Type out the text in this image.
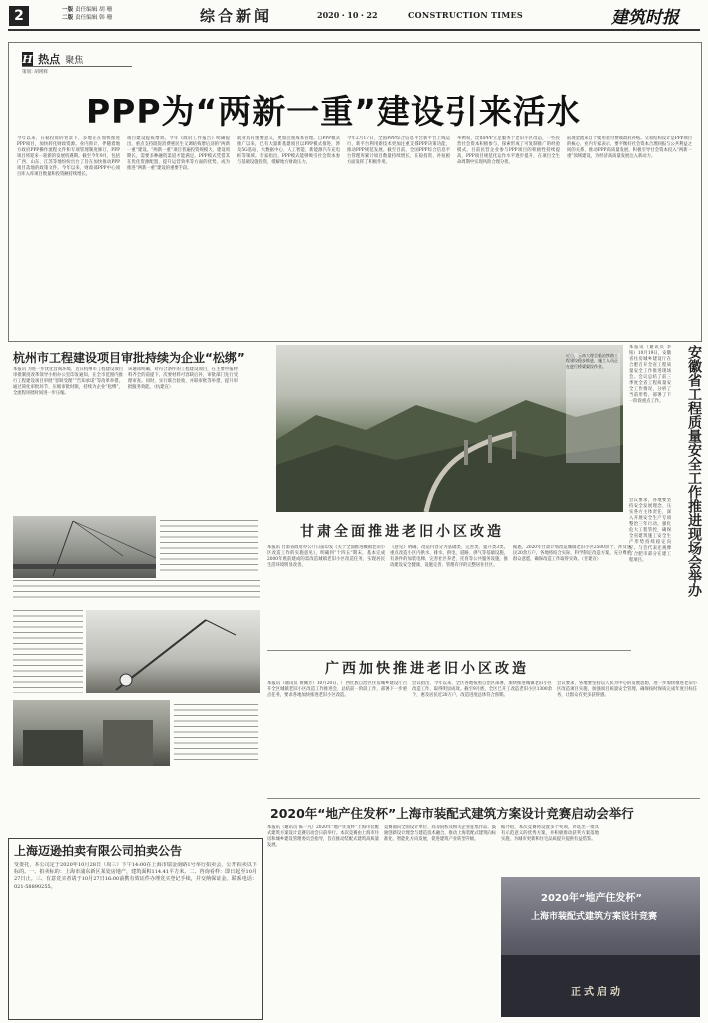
2	一版 责任编辑 胡 珊
二版 责任编辑 韩 珊	综合新闻	2020・10・22	CONSTRUCTION TIMES	建筑时报
H 热点 聚焦
策划: 胡瑛辉
PPP为“两新一重”建设引来活水
今年以来，在稳投资的背景下，多地正在加快推进PPP项目，加快转化财政资源。业内预计，伴随着地方政府PPP操作流程文件和专项管理制度修订，PPP项目将迎来一轮新的发展机遇期。截至今年9月，包括广西、山东、江苏等地纷纷出台了旨在加快推动PPP项目落地的政策文件。今年以来，财政部PPP中心项目库入库项目数量和投资额持续增长。
项目建设提质增效。今年《政府工作报告》明确提出，重点支持既促消费惠民生又调结构增后劲的“两新一重”建设。“两新一重”项目普遍投资规模大、建设周期长，需要多种融资渠道才能满足。PPP模式凭借其在优化资源配置、提升运营效率等方面的优势，成为推进“两新一重”建设的重要手段。
就业具有重要意义，更加注重成本管理。自PPP模式推广以来，已有大量新基建项目以PPP模式推进，涉及5G基站、大数据中心、人工智能、新能源汽车充电桩等领域。专家指出，PPP模式能够吸引社会资本参与基础设施投资，缓解地方财政压力。
今年2月17日，全国PPP综合信息平台新平台上线运行，新平台利用新技术更加注重支撑PPP决策功能，推动PPP规范发展。截至目前，全国PPP综合信息平台管理库累计项目数量持续增长，在稳投资、补短板方面发挥了积极作用。
举例说，比如PPP立足服务于老旧小区改造，一些民营社会资本积极参与，探索形成了可复制推广的经验模式。目前民营企业参与PPP项目的积极性持续提高，PPP项目规范化运作水平逐步提升，在项目全生命周期中实现风险合理分担。
前现金流来自于使用者付费或政府补贴。交易结构设计是PPP项目的核心，业内专家表示，要平衡好社会资本合理回报与公共利益之间的关系，推动PPP高质量发展，积极引导社会资本投入“两新一重”领域建设，为经济高质量发展注入新动力。
杭州市工程建设项目审批持续为企业“松绑”
本报讯 为进一步优化营商环境，近日杭州市工程建设项目审批制度改革领导小组办公室印发通知，在全市范围内推行工程建设项目审批“容缺受理”“告知承诺”等改革举措。通过简化审批环节、压缩审批时限，持续为企业“松绑”，全流程审批时间进一步压缩。
该通知明确，对符合条件的工程建设项目，在主要申报材料齐全的前提下，次要材料可容缺后补，审批部门先行受理审查。同时，实行联合验收、并联审批等举措，提升审批服务效能。（杭建宣）
近日，云南大理至临沧铁路工程建设稳步推进，施工人员正在进行桥梁架设作业。
上海迈逊拍卖有限公司拍卖公告
受委托，本公司定于2020年10月28日（周三）下午14:00在上海市瑞金南路1号举行拍卖会，公开拍卖以下标的。一、拍卖标的：上海市浦东新区某处房地产，建筑面积114.41平方米。二、咨询看样：即日起至10月27日止。三、有意竞买者请于10月27日16:00前携有效证件办理竞买登记手续，并交纳保证金。联系电话：021-58890255。
甘肃全面推进老旧小区改造
本报讯 甘肃省政府办公厅日前印发《关于全面推进城镇老旧小区改造工作的实施意见》，明确到“十四五”期末，基本完成2000年底前建成的需改造城镇老旧小区改造任务，实现居民生活环境明显改善。
《意见》明确，改造内容分为基础类、完善类、提升类3类。重点改造小区内供水、排水、供电、道路、供气等基础设施，有条件的加装电梯，完善社区养老、托育等公共服务设施，推动建设安全健康、设施完善、管理有序的完整居住社区。
据悉，2020年甘肃计划改造城镇老旧小区2500余个，涉及居民20余万户。各地将结合实际，科学制定改造方案，充分尊重群众意愿，确保改造工作取得实效。（甘建宣）
广西加快推进老旧小区改造
本报讯（通讯员 黄佩芳）10月20日，广西壮族自治区住房城乡建设厅召开全区城镇老旧小区改造工作推进会，总结前一阶段工作，部署下一步重点任务，要求各地加快推进老旧小区改造。
会议指出，今年以来，全区各地按照自治区部署，加快推进城镇老旧小区改造工作，取得明显成效。截至9月底，全区已开工改造老旧小区1300余个，惠及居民近20万户，改造进度总体符合预期。
会议要求，各地要坚持以人民为中心的发展思想，进一步加快推进老旧小区改造项目实施，加强项目质量安全管理，确保按时保质完成年度目标任务，让群众有更多获得感。
本报讯（通讯员 李铭）10月19日，安徽省住房城乡建设厅在合肥召开全省工程质量安全工作推进现场会。会议总结了前三季度全省工程质量安全工作情况，分析了当前形势，部署了下一阶段重点工作。	安徽省工程质量安全工作推进现场会举办
会议要求，各地要坚持安全发展理念，压实各方主体责任，深入开展安全生产专项整治三年行动，强化危大工程管控，确保全省建筑施工安全生产形势持续稳定向好。与会代表还观摩了合肥市部分在建工程项目。
2020年“地产住发杯”上海市装配式建筑方案设计竞赛启动会举行
本报讯（通讯员 陈一凡）2020年“地产住发杯”上海市装配式建筑方案设计竞赛启动会日前举行。本次竞赛由上海市住房和城乡建设管理委员会指导，旨在推动装配式建筑高质量发展。
竞赛面向全国设计单位、高等院校及相关企业征集作品，鼓励创新设计理念与建造技术融合，推动上海装配式建筑向标准化、智能化方向发展，促进建筑产业转型升级。
据介绍，本次竞赛将设置多个奖项，评选出一批具有示范意义的优秀方案，并积极推动获奖方案落地实施，为城市更新和住宅品质提升提供有益借鉴。
2020年“地产住发杯”
上海市装配式建筑方案设计竞赛
正式启动
